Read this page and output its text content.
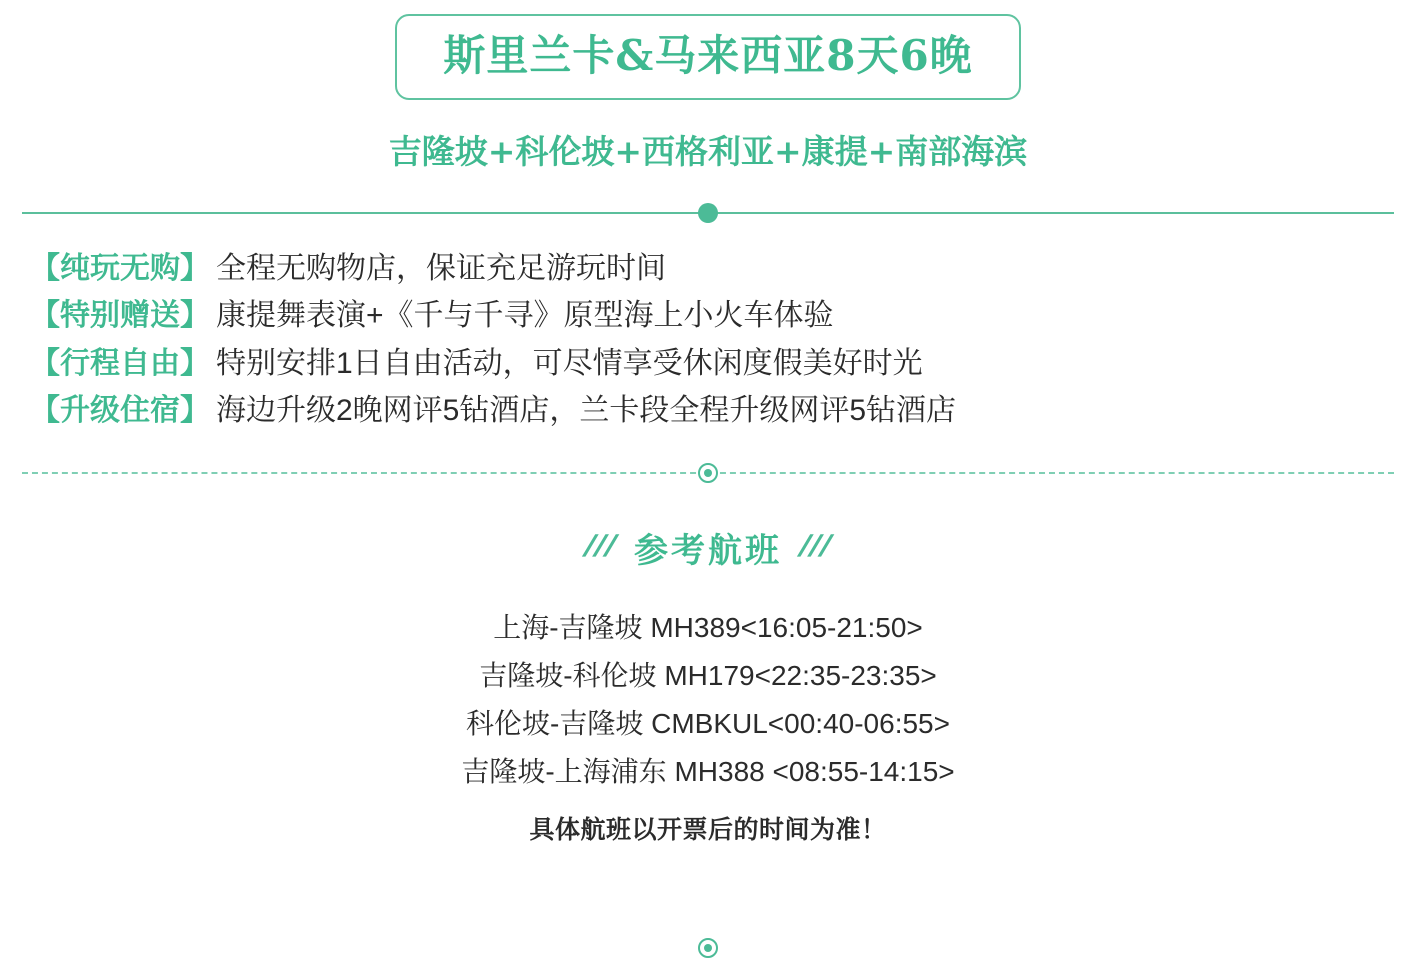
斯里兰卡&马来西亚8天6晚
吉隆坡+科伦坡+西格利亚+康提+南部海滨
【纯玩无购】 全程无购物店，保证充足游玩时间
【特别赠送】 康提舞表演+《千与千寻》原型海上小火车体验
【行程自由】 特别安排1日自由活动，可尽情享受休闲度假美好时光
【升级住宿】 海边升级2晚网评5钻酒店，兰卡段全程升级网评5钻酒店
/// 参考航班 ///
上海-吉隆坡 MH389<16:05-21:50>
吉隆坡-科伦坡 MH179<22:35-23:35>
科伦坡-吉隆坡 CMBKUL<00:40-06:55>
吉隆坡-上海浦东 MH388 <08:55-14:15>
具体航班以开票后的时间为准！
